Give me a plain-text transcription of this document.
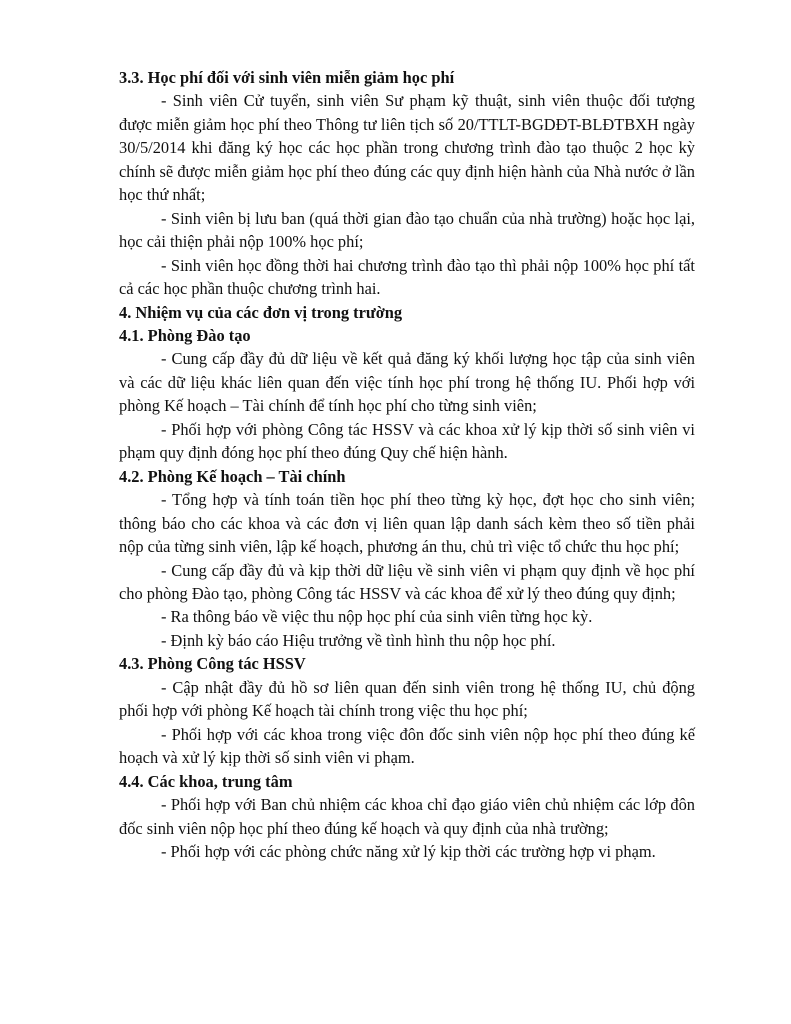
3.3. Học phí đối với sinh viên miễn giảm học phí

- Sinh viên Cử tuyển, sinh viên Sư phạm kỹ thuật, sinh viên thuộc đối tượng được miễn giảm học phí theo Thông tư liên tịch số 20/TTLT-BGDĐT-BLĐTBXH ngày 30/5/2014 khi đăng ký học các học phần trong chương trình đào tạo thuộc 2 học kỳ chính sẽ được miễn giảm học phí theo đúng các quy định hiện hành của Nhà nước ở lần học thứ nhất;

- Sinh viên bị lưu ban (quá thời gian đào tạo chuẩn của nhà trường) hoặc học lại, học cải thiện phải nộp 100% học phí;

- Sinh viên học đồng thời hai chương trình đào tạo thì phải nộp 100% học phí tất cả các học phần thuộc chương trình hai.

4. Nhiệm vụ của các đơn vị trong trường

4.1. Phòng Đào tạo

- Cung cấp đầy đủ dữ liệu về kết quả đăng ký khối lượng học tập của sinh viên và các dữ liệu khác liên quan đến việc tính học phí trong hệ thống IU. Phối hợp với phòng Kế hoạch – Tài chính để tính học phí cho từng sinh viên;

- Phối hợp với phòng Công tác HSSV và các khoa xử lý kịp thời số sinh viên vi phạm quy định đóng học phí theo đúng Quy chế hiện hành.

4.2. Phòng Kế hoạch – Tài chính

- Tổng hợp và tính toán tiền học phí theo từng kỳ học, đợt học cho sinh viên; thông báo cho các khoa và các đơn vị liên quan lập danh sách kèm theo số tiền phải nộp của từng sinh viên, lập kế hoạch, phương án thu, chủ trì việc tổ chức thu học phí;

- Cung cấp đầy đủ và kịp thời dữ liệu về sinh viên vi phạm quy định về học phí cho phòng Đào tạo, phòng Công tác HSSV và các khoa để xử lý theo đúng quy định;

- Ra thông báo về việc thu nộp học phí của sinh viên từng học kỳ.

- Định kỳ báo cáo Hiệu trưởng về tình hình thu nộp học phí.

4.3. Phòng Công tác HSSV

- Cập nhật đầy đủ hồ sơ liên quan đến sinh viên trong hệ thống IU, chủ động phối hợp với phòng Kế hoạch tài chính trong việc thu học phí;

- Phối hợp với các khoa trong việc đôn đốc sinh viên nộp học phí theo đúng kế hoạch và xử lý kịp thời số sinh viên vi phạm.

4.4. Các khoa, trung tâm

- Phối hợp với Ban chủ nhiệm các khoa chỉ đạo giáo viên chủ nhiệm các lớp đôn đốc sinh viên nộp học phí theo đúng kế hoạch và quy định của nhà trường;

- Phối hợp với các phòng chức năng xử lý kịp thời các trường hợp vi phạm.
